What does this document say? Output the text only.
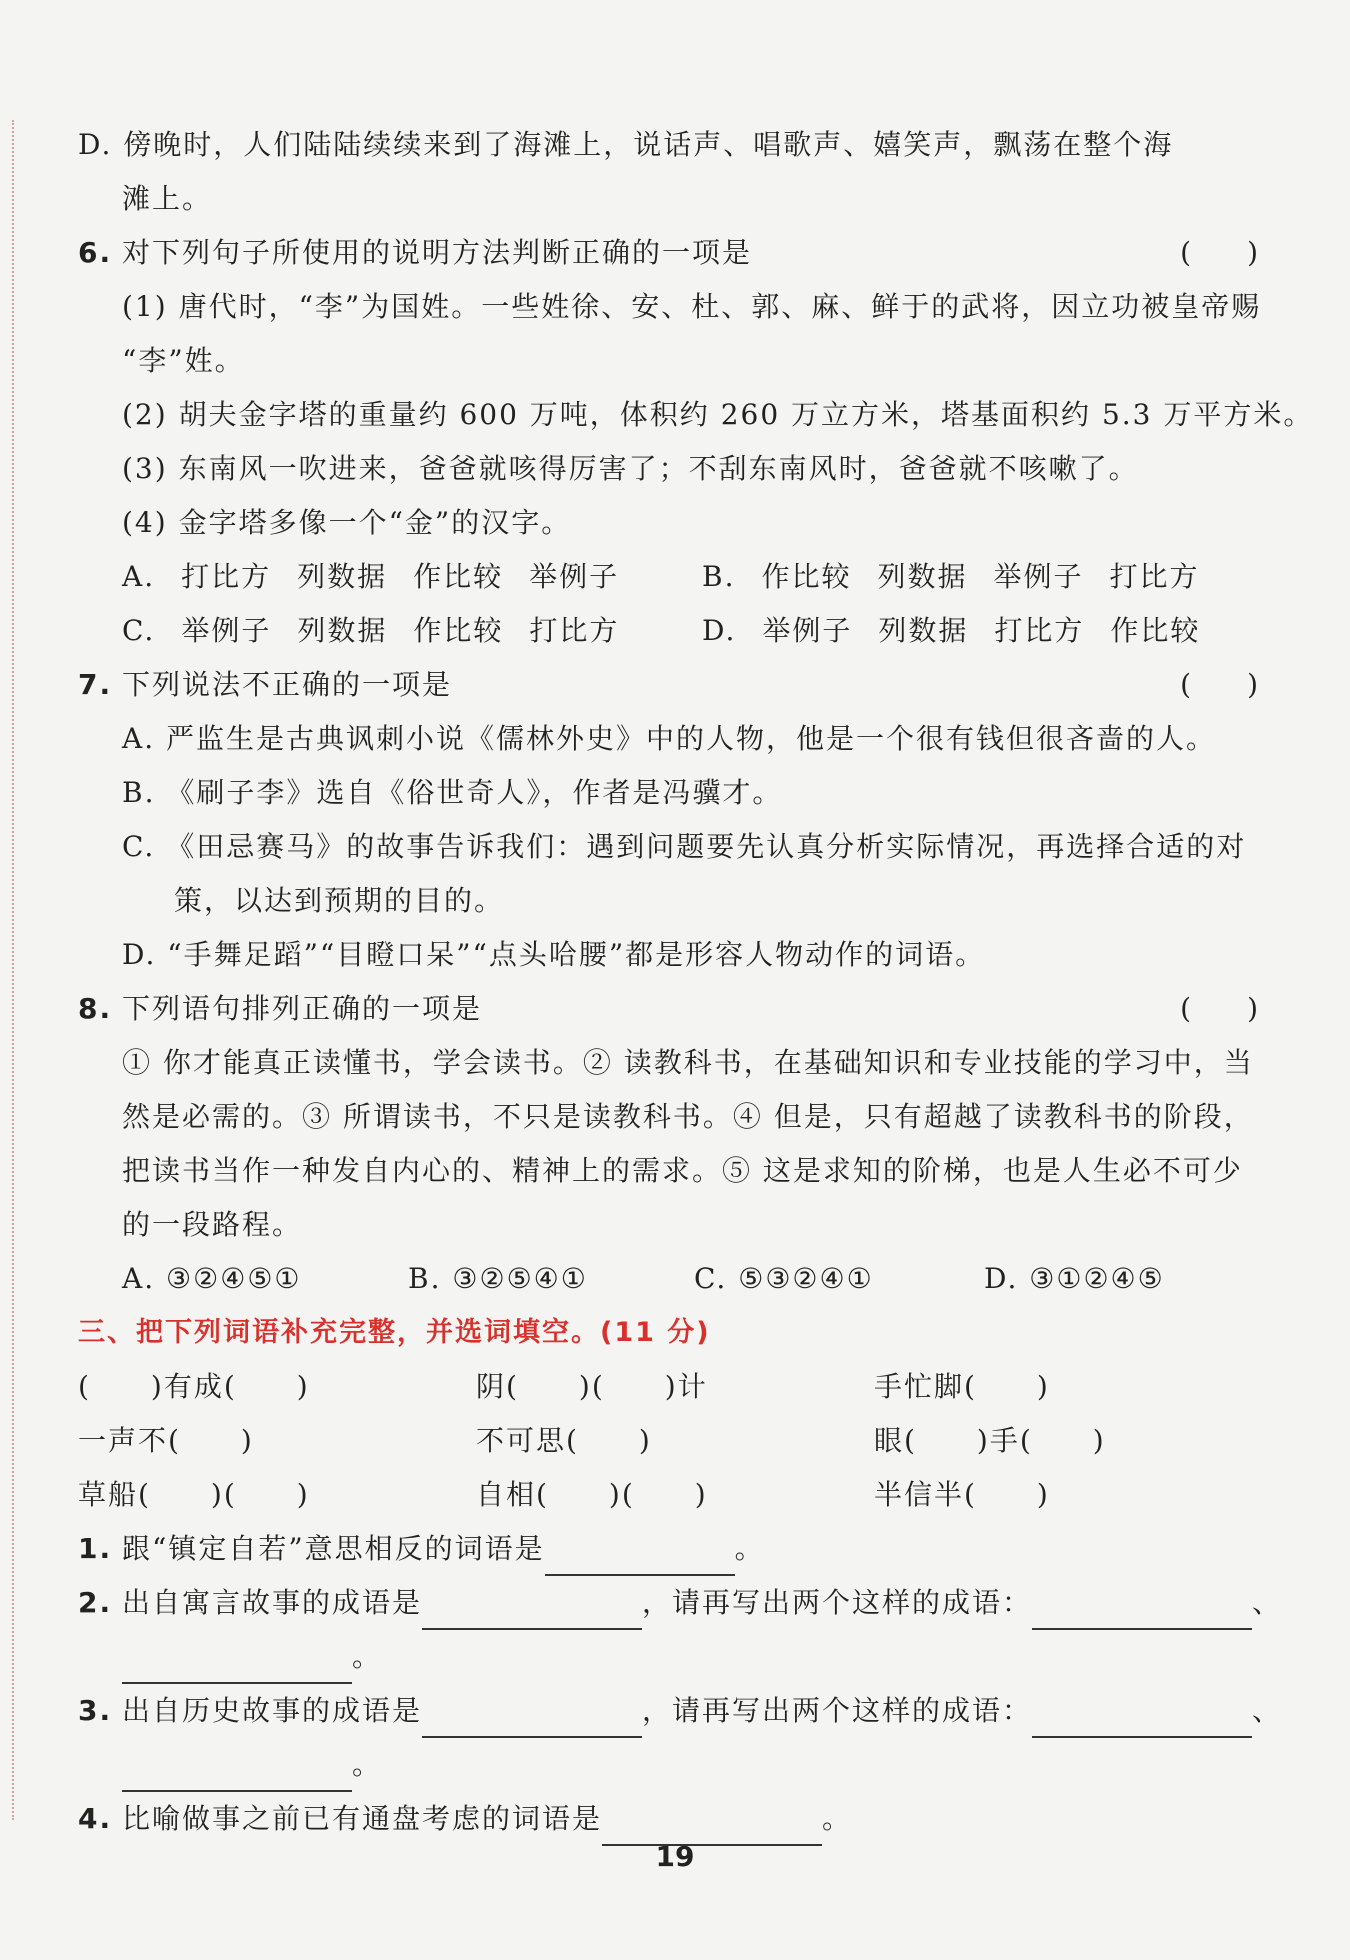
D. 傍晚时，人们陆陆续续来到了海滩上，说话声、唱歌声、嬉笑声，飘荡在整个海
滩上。
6. 对下列句子所使用的说明方法判断正确的一项是	(　　)
(1) 唐代时，“李”为国姓。一些姓徐、安、杜、郭、麻、鲜于的武将，因立功被皇帝赐
“李”姓。
(2) 胡夫金字塔的重量约 600 万吨，体积约 260 万立方米，塔基面积约 5.3 万平方米。
(3) 东南风一吹进来，爸爸就咳得厉害了；不刮东南风时，爸爸就不咳嗽了。
(4) 金字塔多像一个“金”的汉字。
A. 打比方 列数据 作比较 举例子	B. 作比较 列数据 举例子 打比方
C. 举例子 列数据 作比较 打比方	D. 举例子 列数据 打比方 作比较
7. 下列说法不正确的一项是	(　　)
A. 严监生是古典讽刺小说《儒林外史》中的人物，他是一个很有钱但很吝啬的人。
B. 《刷子李》选自《俗世奇人》，作者是冯骥才。
C. 《田忌赛马》的故事告诉我们：遇到问题要先认真分析实际情况，再选择合适的对
策，以达到预期的目的。
D. “手舞足蹈”“目瞪口呆”“点头哈腰”都是形容人物动作的词语。
8. 下列语句排列正确的一项是	(　　)
① 你才能真正读懂书，学会读书。② 读教科书，在基础知识和专业技能的学习中，当然是必需的。③ 所谓读书，不只是读教科书。④ 但是，只有超越了读教科书的阶段，把读书当作一种发自内心的、精神上的需求。⑤ 这是求知的阶梯，也是人生必不可少的一段路程。
A. ③②④⑤①	B. ③②⑤④①	C. ⑤③②④①	D. ③①②④⑤
三、把下列词语补充完整，并选词填空。(11 分)
(　　)有成(　　)	阴(　　)(　　)计	手忙脚(　　)
一声不(　　)	不可思(　　)	眼(　　)手(　　)
草船(　　)(　　)	自相(　　)(　　)	半信半(　　)
1. 跟“镇定自若”意思相反的词语是	。
2. 出自寓言故事的成语是	，请再写出两个这样的成语：	、
。
3. 出自历史故事的成语是	，请再写出两个这样的成语：	、
。
4. 比喻做事之前已有通盘考虑的词语是	。
19
